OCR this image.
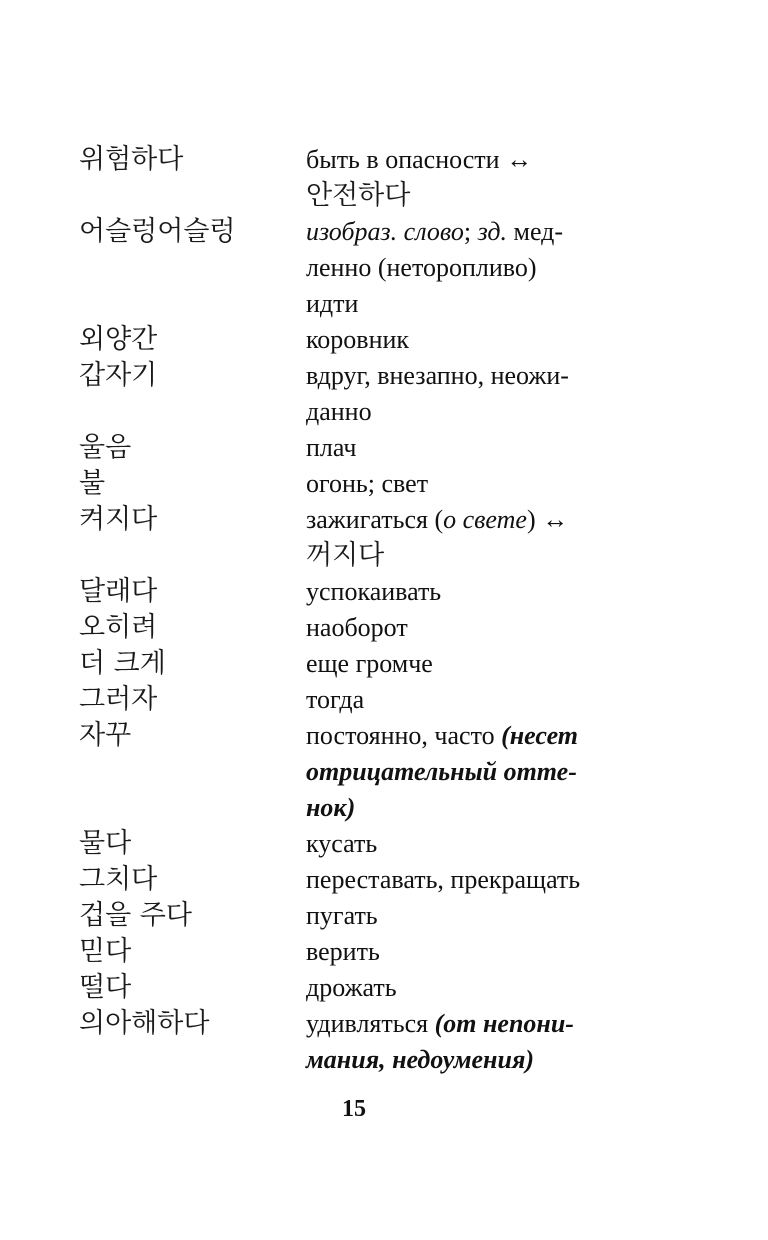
위험하다	быть в опасности ↔
안전하다
어슬렁어슬렁	изобраз. слово; зд. мед-
ленно (неторопливо)
идти
외양간	коровник
갑자기	вдруг, внезапно, неожи-
данно
울음	плач
불	огонь; свет
켜지다	зажигаться (о свете) ↔
꺼지다
달래다	успокаивать
오히려	наоборот
더 크게	еще громче
그러자	тогда
자꾸	постоянно, часто (несет
отрицательный отте-
нок)
물다	кусать
그치다	переставать, прекращать
겁을 주다	пугать
믿다	верить
떨다	дрожать
의아해하다	удивляться (от непони-
мания, недоумения)
15
